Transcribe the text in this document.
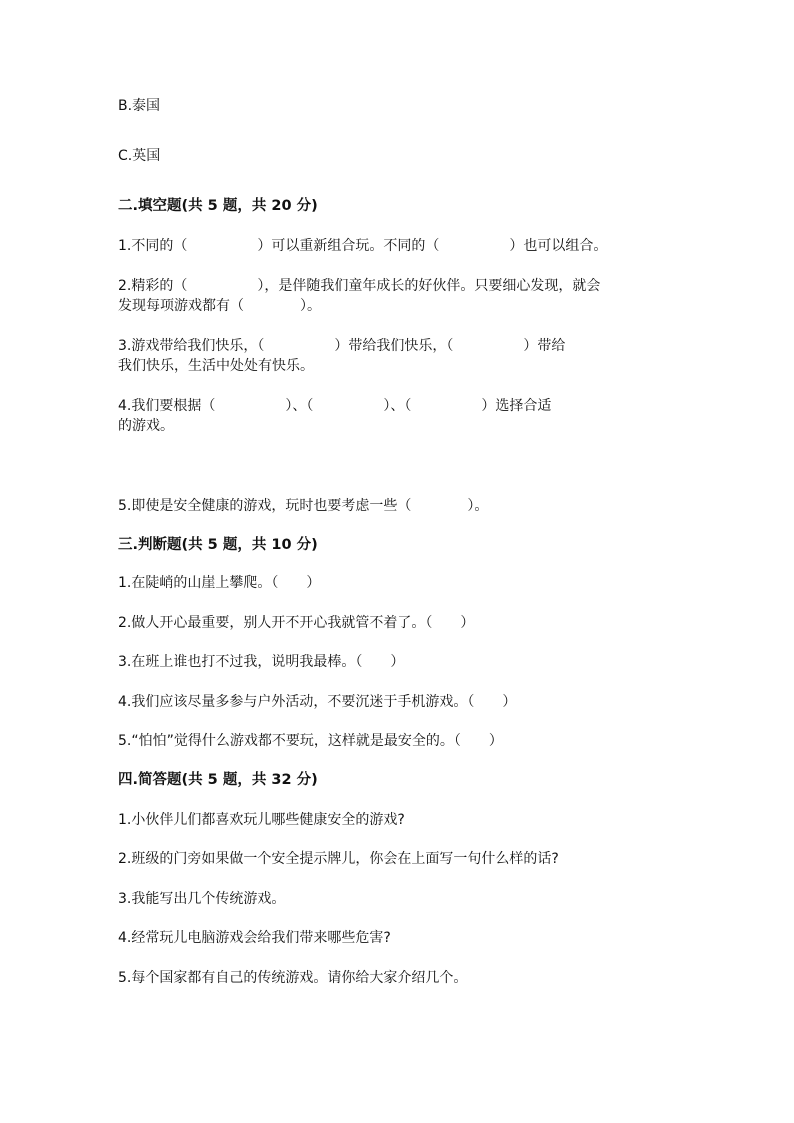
B.泰国
C.英国
二.填空题(共 5 题，共 20 分)
1.不同的（　　　　　）可以重新组合玩。不同的（　　　　　）也可以组合。
2.精彩的（　　　　　），是伴随我们童年成长的好伙伴。只要细心发现，就会
发现每项游戏都有（　　　　）。
3.游戏带给我们快乐，（　　　　　）带给我们快乐，（　　　　　）带给
我们快乐，生活中处处有快乐。
4.我们要根据（　　　　　）、（　　　　　）、（　　　　　）选择合适
的游戏。
5.即使是安全健康的游戏，玩时也要考虑一些（　　　　）。
三.判断题(共 5 题，共 10 分)
1.在陡峭的山崖上攀爬。（　　）
2.做人开心最重要，别人开不开心我就管不着了。（　　）
3.在班上谁也打不过我，说明我最棒。（　　）
4.我们应该尽量多参与户外活动，不要沉迷于手机游戏。（　　）
5.“怕怕”觉得什么游戏都不要玩，这样就是最安全的。（　　）
四.简答题(共 5 题，共 32 分)
1.小伙伴儿们都喜欢玩儿哪些健康安全的游戏?
2.班级的门旁如果做一个安全提示牌儿，你会在上面写一句什么样的话?
3.我能写出几个传统游戏。
4.经常玩儿电脑游戏会给我们带来哪些危害?
5.每个国家都有自己的传统游戏。请你给大家介绍几个。
